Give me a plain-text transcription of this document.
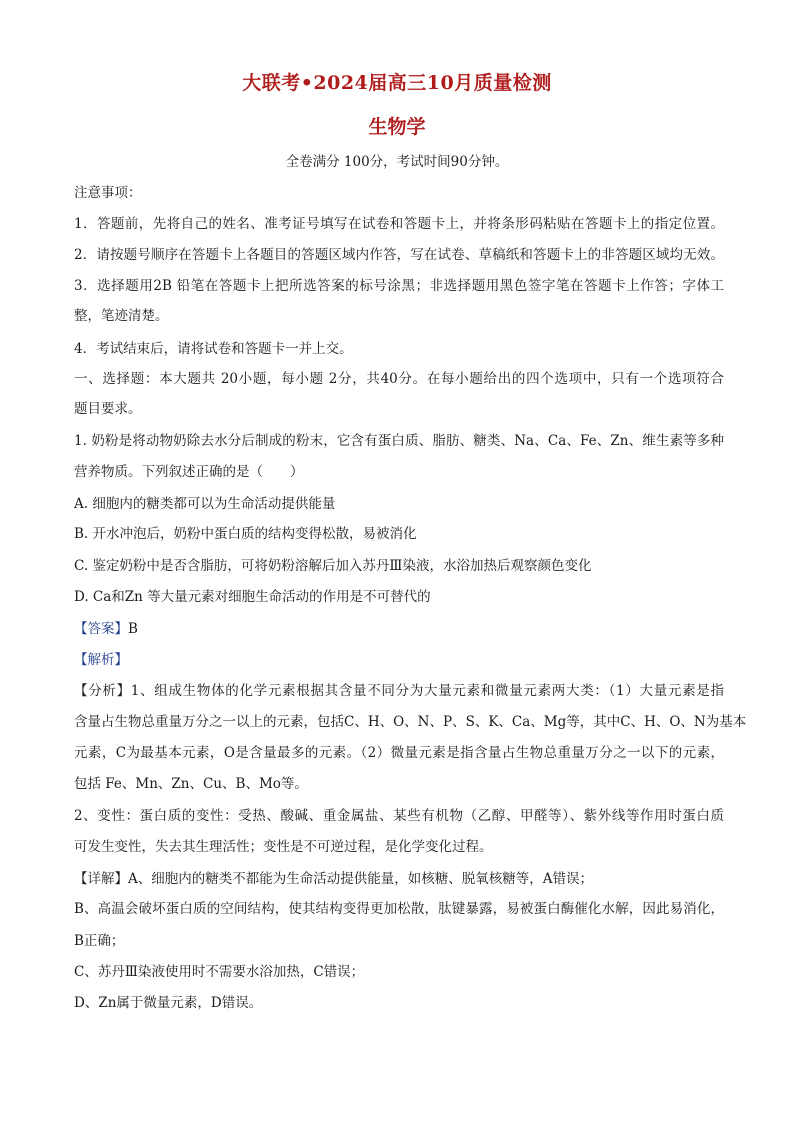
大联考•2024届高三10月质量检测
生物学
全卷满分 100分，考试时间90分钟。
注意事项：
1．答题前，先将自己的姓名、准考证号填写在试卷和答题卡上，并将条形码粘贴在答题卡上的指定位置。
2．请按题号顺序在答题卡上各题目的答题区域内作答，写在试卷、草稿纸和答题卡上的非答题区域均无效。
3．选择题用2B 铅笔在答题卡上把所选答案的标号涂黑；非选择题用黑色签字笔在答题卡上作答；字体工
整，笔迹清楚。
4．考试结束后，请将试卷和答题卡一并上交。
一、选择题：本大题共 20小题，每小题 2分，共40分。在每小题给出的四个选项中，只有一个选项符合
题目要求。
1. 奶粉是将动物奶除去水分后制成的粉末，它含有蛋白质、脂肪、糖类、Na、Ca、Fe、Zn、维生素等多种
营养物质。下列叙述正确的是（　　）
A. 细胞内的糖类都可以为生命活动提供能量
B. 开水冲泡后，奶粉中蛋白质的结构变得松散，易被消化
C. 鉴定奶粉中是否含脂肪，可将奶粉溶解后加入苏丹Ⅲ染液，水浴加热后观察颜色变化
D. Ca和Zn 等大量元素对细胞生命活动的作用是不可替代的
【答案】B
【解析】
【分析】1、组成生物体的化学元素根据其含量不同分为大量元素和微量元素两大类：（1）大量元素是指
含量占生物总重量万分之一以上的元素，包括C、H、O、N、P、S、K、Ca、Mg等，其中C、H、O、N为基本
元素，C为最基本元素，O是含量最多的元素。（2）微量元素是指含量占生物总重量万分之一以下的元素，
包括 Fe、Mn、Zn、Cu、B、Mo等。
2、变性：蛋白质的变性：受热、酸碱、重金属盐、某些有机物（乙醇、甲醛等）、紫外线等作用时蛋白质
可发生变性，失去其生理活性；变性是不可逆过程，是化学变化过程。
【详解】A、细胞内的糖类不都能为生命活动提供能量，如核糖、脱氧核糖等，A错误；
B、高温会破坏蛋白质的空间结构，使其结构变得更加松散，肽键暴露，易被蛋白酶催化水解，因此易消化，
B正确；
C、苏丹Ⅲ染液使用时不需要水浴加热，C错误；
D、Zn属于微量元素，D错误。
